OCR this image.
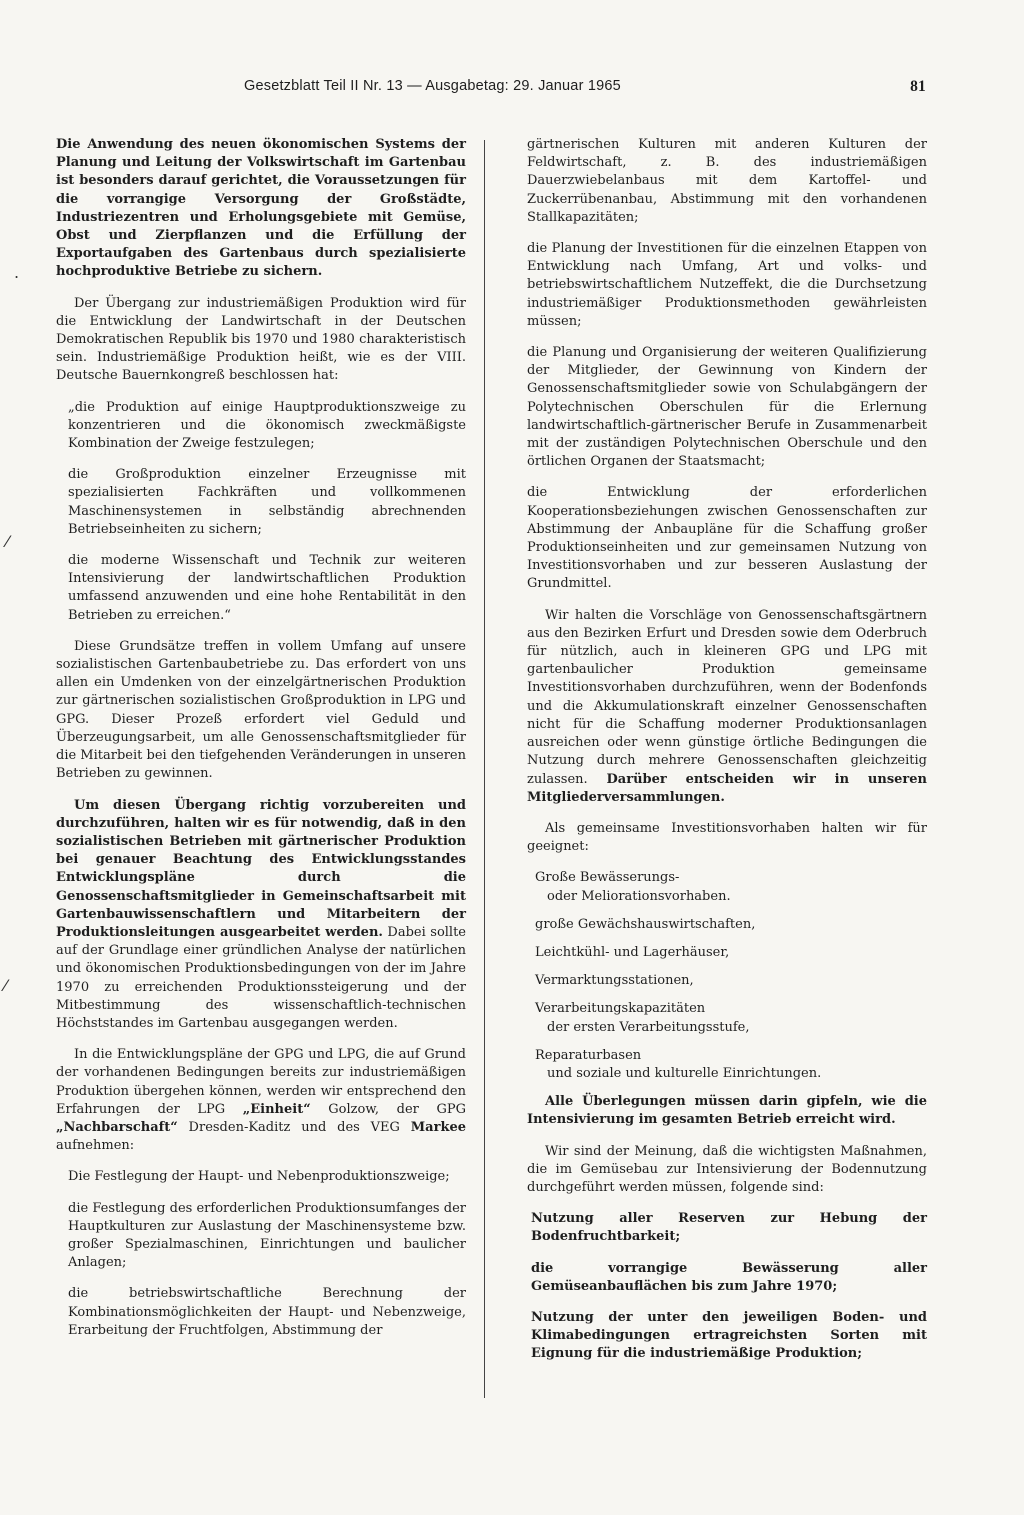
Gesetzblatt Teil II Nr. 13 — Ausgabetag: 29. Januar 1965	81
.
⁄
⁄

Die Anwendung des neuen ökonomischen Systems der Planung und Leitung der Volkswirtschaft im Gartenbau ist besonders darauf gerichtet, die Voraussetzungen für die vorrangige Versorgung der Großstädte, Industriezentren und Erholungsgebiete mit Gemüse, Obst und Zierpflanzen und die Erfüllung der Exportaufgaben des Gartenbaus durch spezialisierte hochproduktive Betriebe zu sichern.

Der Übergang zur industriemäßigen Produktion wird für die Entwicklung der Landwirtschaft in der Deutschen Demokratischen Republik bis 1970 und 1980 charakteristisch sein. Industriemäßige Produktion heißt, wie es der VIII. Deutsche Bauernkongreß beschlossen hat:

„die Produktion auf einige Hauptproduktionszweige zu konzentrieren und die ökonomisch zweckmäßigste Kombination der Zweige festzulegen;

die Großproduktion einzelner Erzeugnisse mit spezialisierten Fachkräften und vollkommenen Maschinensystemen in selbständig abrechnenden Betriebseinheiten zu sichern;

die moderne Wissenschaft und Technik zur weiteren Intensivierung der landwirtschaftlichen Produktion umfassend anzuwenden und eine hohe Rentabilität in den Betrieben zu erreichen.“

Diese Grundsätze treffen in vollem Umfang auf unsere sozialistischen Gartenbaubetriebe zu. Das erfordert von uns allen ein Umdenken von der einzelgärtnerischen Produktion zur gärtnerischen sozialistischen Großproduktion in LPG und GPG. Dieser Prozeß erfordert viel Geduld und Überzeugungsarbeit, um alle Genossenschaftsmitglieder für die Mitarbeit bei den tiefgehenden Veränderungen in unseren Betrieben zu gewinnen.

Um diesen Übergang richtig vorzubereiten und durchzuführen, halten wir es für notwendig, daß in den sozialistischen Betrieben mit gärtnerischer Produktion bei genauer Beachtung des Entwicklungsstandes Entwicklungspläne durch die Genossenschaftsmitglieder in Gemeinschaftsarbeit mit Gartenbauwissenschaftlern und Mitarbeitern der Produktionsleitungen ausgearbeitet werden. Dabei sollte auf der Grundlage einer gründlichen Analyse der natürlichen und ökonomischen Produktionsbedingungen von der im Jahre 1970 zu erreichenden Produktionssteigerung und der Mitbestimmung des wissenschaftlich-technischen Höchststandes im Gartenbau ausgegangen werden.

In die Entwicklungspläne der GPG und LPG, die auf Grund der vorhandenen Bedingungen bereits zur industriemäßigen Produktion übergehen können, werden wir entsprechend den Erfahrungen der LPG „Einheit“ Golzow, der GPG „Nachbarschaft“ Dresden-Kaditz und des VEG Markee aufnehmen:

Die Festlegung der Haupt- und Nebenproduktionszweige;

die Festlegung des erforderlichen Produktionsumfanges der Hauptkulturen zur Auslastung der Maschinensysteme bzw. großer Spezialmaschinen, Einrichtungen und baulicher Anlagen;

die betriebswirtschaftliche Berechnung der Kombinationsmöglichkeiten der Haupt- und Nebenzweige, Erarbeitung der Fruchtfolgen, Abstimmung der

gärtnerischen Kulturen mit anderen Kulturen der Feldwirtschaft, z. B. des industriemäßigen Dauerzwiebelanbaus mit dem Kartoffel- und Zuckerrübenanbau, Abstimmung mit den vorhandenen Stallkapazitäten;

die Planung der Investitionen für die einzelnen Etappen von Entwicklung nach Umfang, Art und volks- und betriebswirtschaftlichem Nutzeffekt, die die Durchsetzung industriemäßiger Produktionsmethoden gewährleisten müssen;

die Planung und Organisierung der weiteren Qualifizierung der Mitglieder, der Gewinnung von Kindern der Genossenschaftsmitglieder sowie von Schulabgängern der Polytechnischen Oberschulen für die Erlernung landwirtschaftlich-gärtnerischer Berufe in Zusammenarbeit mit der zuständigen Polytechnischen Oberschule und den örtlichen Organen der Staatsmacht;

die Entwicklung der erforderlichen Kooperationsbeziehungen zwischen Genossenschaften zur Abstimmung der Anbaupläne für die Schaffung großer Produktionseinheiten und zur gemeinsamen Nutzung von Investitionsvorhaben und zur besseren Auslastung der Grundmittel.

Wir halten die Vorschläge von Genossenschaftsgärtnern aus den Bezirken Erfurt und Dresden sowie dem Oderbruch für nützlich, auch in kleineren GPG und LPG mit gartenbaulicher Produktion gemeinsame Investitionsvorhaben durchzuführen, wenn der Bodenfonds und die Akkumulationskraft einzelner Genossenschaften nicht für die Schaffung moderner Produktionsanlagen ausreichen oder wenn günstige örtliche Bedingungen die Nutzung durch mehrere Genossenschaften gleichzeitig zulassen. Darüber entscheiden wir in unseren Mitgliederversammlungen.

Als gemeinsame Investitionsvorhaben halten wir für geeignet:

Große Bewässerungs-
oder Meliorationsvorhaben.

große Gewächshauswirtschaften,

Leichtkühl- und Lagerhäuser,

Vermarktungsstationen,

Verarbeitungskapazitäten
der ersten Verarbeitungsstufe,

Reparaturbasen
und soziale und kulturelle Einrichtungen.

Alle Überlegungen müssen darin gipfeln, wie die Intensivierung im gesamten Betrieb erreicht wird.

Wir sind der Meinung, daß die wichtigsten Maßnahmen, die im Gemüsebau zur Intensivierung der Bodennutzung durchgeführt werden müssen, folgende sind:

Nutzung aller Reserven zur Hebung der Bodenfruchtbarkeit;

die vorrangige Bewässerung aller Gemüseanbauflächen bis zum Jahre 1970;

Nutzung der unter den jeweiligen Boden- und Klimabedingungen ertragreichsten Sorten mit Eignung für die industriemäßige Produktion;
